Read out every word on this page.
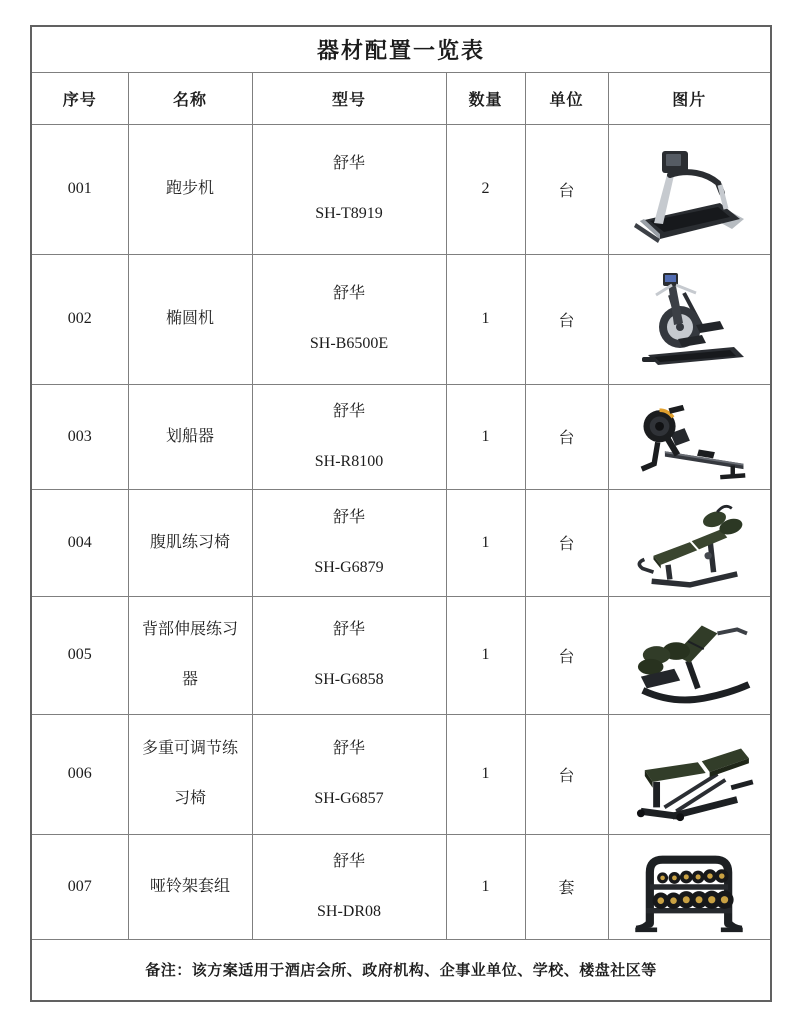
器材配置一览表					
序号	名称	型号	数量	单位	图片
001	跑步机	舒华
SH-T8919	2	台	

002	椭圆机	舒华
SH-B6500E	1	台	

003	划船器	舒华
SH-R8100	1	台	

004	腹肌练习椅	舒华
SH-G6879	1	台	

005	背部伸展练习器	舒华
SH-G6858	1	台	

006	多重可调节练习椅	舒华
SH-G6857	1	台	

007	哑铃架套组	舒华
SH-DR08	1	套	

备注：该方案适用于酒店会所、政府机构、企事业单位、学校、楼盘社区等					
